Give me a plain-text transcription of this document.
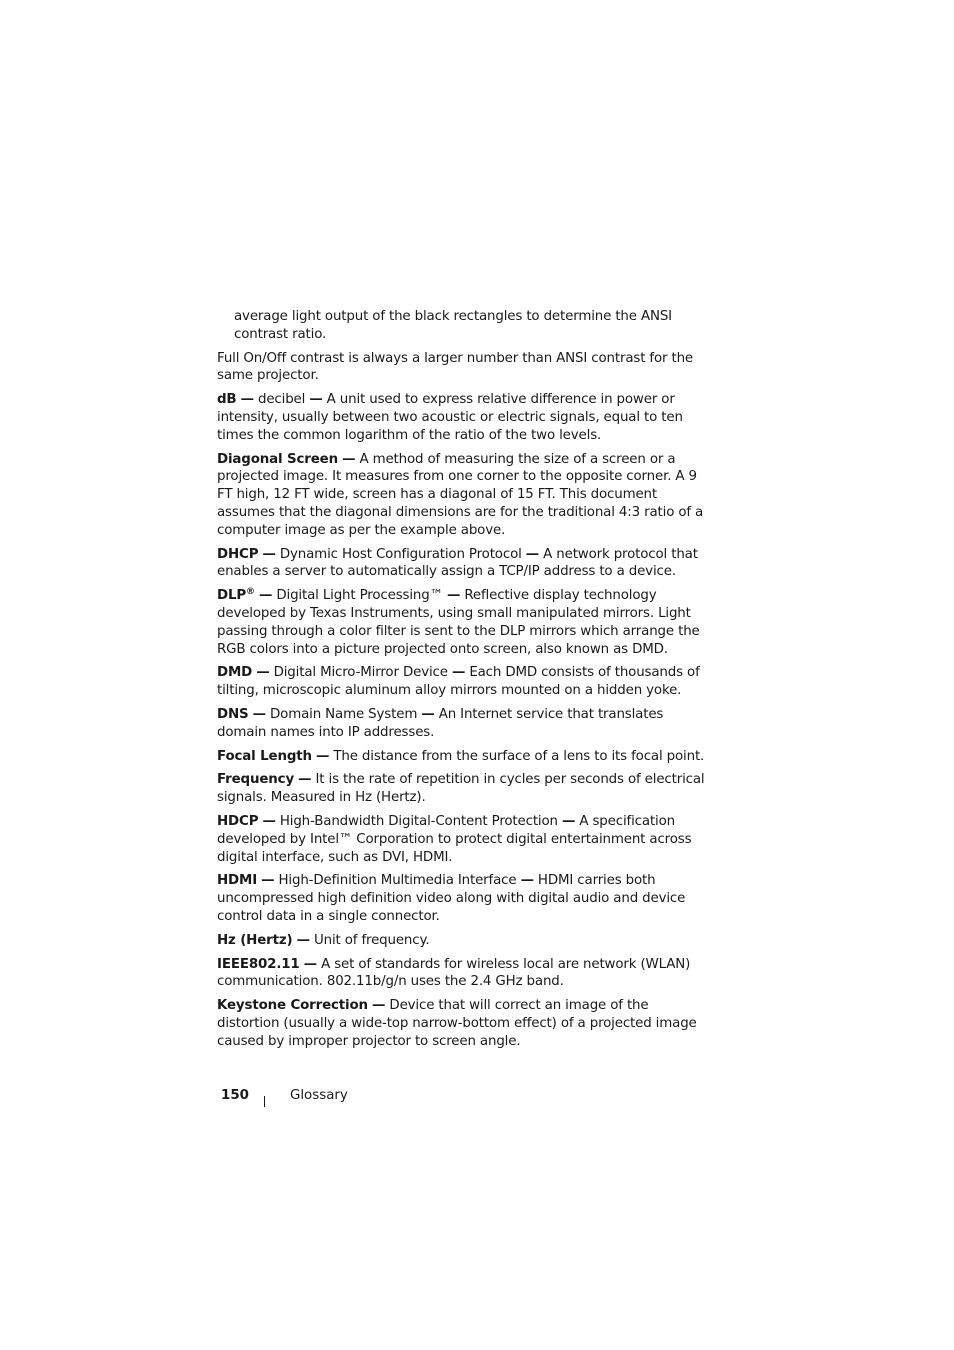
average light output of the black rectangles to determine the ANSI contrast ratio.

Full On/Off contrast is always a larger number than ANSI contrast for the same projector.

dB — decibel — A unit used to express relative difference in power or intensity, usually between two acoustic or electric signals, equal to ten times the common logarithm of the ratio of the two levels.

Diagonal Screen — A method of measuring the size of a screen or a projected image. It measures from one corner to the opposite corner. A 9 FT high, 12 FT wide, screen has a diagonal of 15 FT. This document assumes that the diagonal dimensions are for the traditional 4:3 ratio of a computer image as per the example above.

DHCP — Dynamic Host Configuration Protocol — A network protocol that enables a server to automatically assign a TCP/IP address to a device.

DLP® — Digital Light Processing™ — Reflective display technology developed by Texas Instruments, using small manipulated mirrors. Light passing through a color filter is sent to the DLP mirrors which arrange the RGB colors into a picture projected onto screen, also known as DMD.

DMD — Digital Micro-Mirror Device — Each DMD consists of thousands of tilting, microscopic aluminum alloy mirrors mounted on a hidden yoke.

DNS — Domain Name System — An Internet service that translates domain names into IP addresses.

Focal Length — The distance from the surface of a lens to its focal point.

Frequency — It is the rate of repetition in cycles per seconds of electrical signals. Measured in Hz (Hertz).

HDCP — High-Bandwidth Digital-Content Protection — A specification developed by Intel™ Corporation to protect digital entertainment across digital interface, such as DVI, HDMI.

HDMI — High-Definition Multimedia Interface — HDMI carries both uncompressed high definition video along with digital audio and device control data in a single connector.

Hz (Hertz) — Unit of frequency.

IEEE802.11 — A set of standards for wireless local are network (WLAN) communication. 802.11b/g/n uses the 2.4 GHz band.

Keystone Correction — Device that will correct an image of the distortion (usually a wide-top narrow-bottom effect) of a projected image caused by improper projector to screen angle.

150	Glossary
